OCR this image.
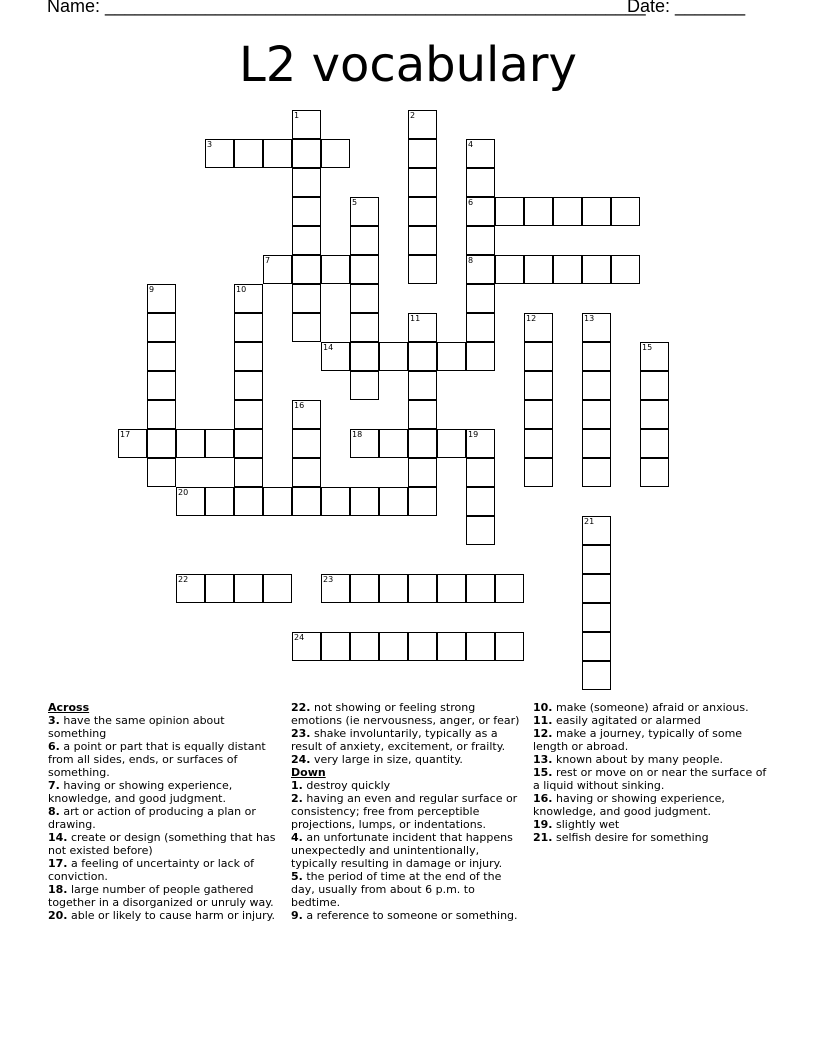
Name: ______________________________________________________
Date: _______
L2 vocabulary
3
6
7	8
14
17	18
20
22	23
24
1	2
4
5
9	10
11	12	13
15
16
19
21
Across
3. have the same opinion about something
6. a point or part that is equally distant from all sides, ends, or surfaces of something.
7. having or showing experience, knowledge, and good judgment.
8. art or action of producing a plan or drawing.
14. create or design (something that has not existed before)
17. a feeling of uncertainty or lack of conviction.
18. large number of people gathered together in a disorganized or unruly way.
20. able or likely to cause harm or injury.
22. not showing or feeling strong emotions (ie nervousness, anger, or fear)
23. shake involuntarily, typically as a result of anxiety, excitement, or frailty.
24. very large in size, quantity.
Down
1. destroy quickly
2. having an even and regular surface or consistency; free from perceptible projections, lumps, or indentations.
4. an unfortunate incident that happens unexpectedly and unintentionally, typically resulting in damage or injury.
5. the period of time at the end of the day, usually from about 6 p.m. to bedtime.
9. a reference to someone or something.
10. make (someone) afraid or anxious.
11. easily agitated or alarmed
12. make a journey, typically of some length or abroad.
13. known about by many people.
15. rest or move on or near the surface of a liquid without sinking.
16. having or showing experience, knowledge, and good judgment.
19. slightly wet
21. selfish desire for something
